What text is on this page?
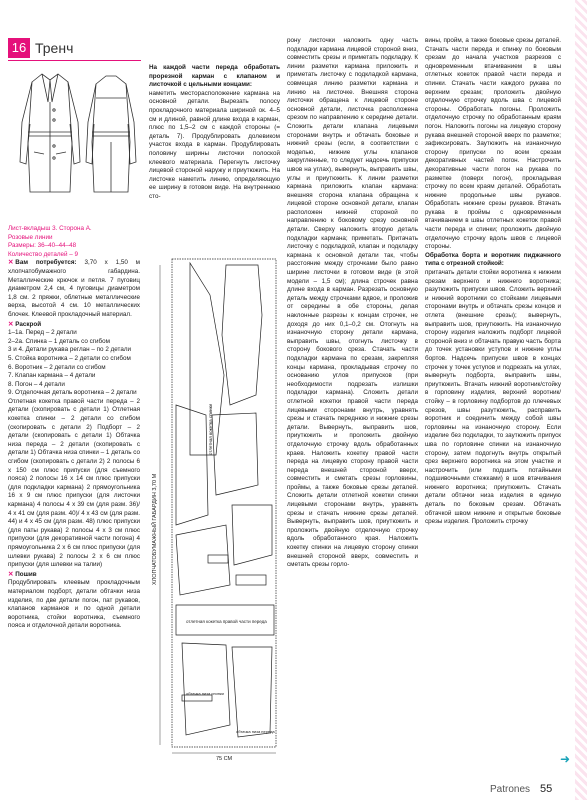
16 Тренч

Лист-вкладыш 3. Сторона А.

Розовые линии

Размеры: 36–40–44–48

Количество деталей – 9

✕ Вам потребуется: 3,70 х 1,50 м хлопчатобумажного габардина. Металлические крючок и петля. 7 пуговиц диаметром 2,4 см, 4 пуговицы диаметром 1,8 см. 2 пряжки, облетные металлические верха, высотой 4 см. 10 металлических блочек. Клеевой прокладочный материал.

✕ Раскрой

1–1а. Перед – 2 детали

2–2а. Спинка – 1 деталь со сгибом

3 и 4. Детали рукава реглан – по 2 детали

5. Стойка воротника – 2 детали со сгибом

6. Воротник – 2 детали со сгибом

7. Клапан кармана – 4 детали

8. Погон – 4 детали

9. Отделочная деталь воротника – 2 детали

Отлетная кокетка правой части переда – 2 детали (скопировать с детали 1) Отлетная кокетка спинки – 2 детали со сгибом (скопировать с детали 2) Подборт – 2 детали (скопировать с детали 1) Обтачка низа переда – 2 детали (скопировать с детали 1) Обтачка низа спинки – 1 деталь со сгибом (скопировать с детали 2) 2 полосы 6 х 150 см плюс припуски (для съемного пояса) 2 полосы 16 х 14 см плюс припуски (для подкладки кармана) 2 прямоугольника 16 х 9 см плюс припуски (для листочки кармана) 4 полосы 4 х 39 см (для разм. 36)/ 4 х 41 см (для разм. 40)/ 4 х 43 см (для разм. 44) и 4 х 45 см (для разм. 48) плюс припуски (для паты рукава) 2 полосы 4 х 3 см плюс припуски (для декоративной части погона) 4 прямоугольника 2 х 6 см плюс припуски (для шлевки рукава) 2 полосы 2 х 6 см плюс припуски (для шлевки на талии)

✕ Пошив

Продублировать клеевым прокладочным материалом подборт, детали обтачки низа изделия, по две детали погон, пат рукавов, клапанов карманов и по одной детали воротника, стойки воротника, съемного пояса и отделочной детали воротника.

На каждой части переда обработать прорезной карман с клапаном и листочкой с цельными концами:

наметить месторасположение кармана на основной детали. Вырезать полосу прокладочного материала шириной ок. 4–5 см и длиной, равной длине входа в карман, плюс по 1,5–2 см с каждой стороны (= деталь 7). Продублировать долевиком участок входа в карман. Продублировать половину ширины листочки полоской клеевого материала. Перегнуть листочку лицевой стороной наружу и приутюжить. На листочке наметить линию, определяющую ее ширину в готовом виде. На внутреннюю сто-

ХЛОПЧАТОБУМАЖНЫЙ ГАБАРДИН 3,70 М
75 СМ
отлетная кокетка спинки
отлетная кокетка правой части переда
обтачка низа спинки
обтачка низа переда

рону листочки наложить одну часть подкладки кармана лицевой стороной вниз, совместить срезы и приметать подкладку. К линии разметки кармана приложить и приметать листочку с подкладкой кармана, совмещая линию разметки кармана и линию на листочке. Внешняя сторона листочки обращена к лицевой стороне основной детали, листочка расположена срезом по направлению к середине детали. Сложить детали клапана лицевыми сторонами внутрь и обтачать боковые и нижний срезы (если, в соответствии с моделью, нижние углы клапанов закругленные, то следует надсечь припуски швов на углах), вывернуть, выправить швы, углы и приутюжить. К линии разметки кармана приложить клапан кармана: внешняя сторона клапана обращена к лицевой стороне основной детали, клапан расположен нижней стороной по направлению к боковому срезу основной детали. Сверху наложить вторую деталь подкладки кармана; приметать. Притачать листочку с подкладкой, клапан и подкладку кармана к основной детали так, чтобы расстояние между строчками было равно ширине листочки в готовом виде (в этой модели – 1,5 см); длина строчек равна длине входа в карман. Разрезать основную деталь между строчками вдвое, и проложив от середины в обе стороны, делая наклонные разрезы к концам строчек, не доходя до них 0,1–0,2 см. Отогнуть на изнаночную сторону детали кармана, выправить швы, отогнуть листочку в сторону бокового среза. Стачать части подкладки кармана по срезам, закрепляя концы кармана, прокладывая строчку по основанию углов припусков (при необходимости подрезать излишки подкладки кармана). Сложить детали отлетной кокетки правой части переда лицевыми сторонами внутрь, уравнять срезы и стачать переднюю и нижние срезы детали. Вывернуть, выправить шов, приутюжить и проложить двойную отделочную строчку вдоль обработанных краев. Наложить кокетку правой части переда на лицевую сторону правой части переда внешней стороной вверх, совместить и сметать срезы горловины, проймы, а также боковые срезы деталей. Сложить детали отлетной кокетки спинки лицевыми сторонами внутрь, уравнять срезы и стачать нижние срезы деталей. Вывернуть, выправить шов, приутюжить и проложить двойную отделочную строчку вдоль обработанного края. Наложить кокетку спинки на лицевую сторону спинки внешней стороной вверх, совместить и сметать срезы горло-

вины, пройм, а также боковые срезы деталей. Стачать части переда и спинку по боковым срезам до начала участков разрезов с одновременным втачиванием в швы отлетных кокеток правой части переда и спинки. Стачать части каждого рукава по верхним срезам; проложить двойную отделочную строчку вдоль шва с лицевой стороны. Обработать погоны. Проложить отделочную строчку по обработанным краям погон. Наложить погоны на лицевую сторону рукава внешней стороной вверх по разметке; зафиксировать. Заутюжить на изнаночную сторону припуски по всем срезам декоративных частей погон. Настрочить декоративные части погон на рукава по разметке (поверх погон), прокладывая строчку по всем краям деталей. Обработать нижние продольные швы рукавов. Обработать нижние срезы рукавов. Втачать рукава в проймы с одновременным втачиванием в швы отлетных кокеток правой части переда и спинки; проложить двойную отделочную строчку вдоль швов с лицевой стороны.

Обработка борта и воротник пиджачного типа с отрезной стойкой:

притачать детали стойки воротника к нижним срезам верхнего и нижнего воротника; разутюжить припуски швов. Сложить верхний и нижний воротники со стойками лицевыми сторонами внутрь и обтачать срезы концов и отлета (внешние срезы); вывернуть, выправить шов, приутюжить. На изнаночную сторону изделия наложить подборт лицевой стороной вниз и обтачать правую часть борта до точек установки уступов и нижние углы бортов. Надсечь припуски швов в концах строчек у точек уступов и подрезать на углах, вывернуть подборта, выправить швы, приутюжить. Втачать нижний воротник/стойку в горловину изделия, верхний воротник/стойку – в горловину подбортов до плечевых срезов, швы разутюжить, расправить воротник и соединить между собой швы горловины на изнаночную сторону. Если изделие без подкладки, то заутюжить припуск шва по горловине спинки на изнаночную сторону, затем подогнуть внутрь открытый срез верхнего воротника на этом участке и настрочить (или подшить потайными подшивочными стежками) в шов втачивания нижнего воротника; приутюжить. Стачать детали обтачки низа изделия в единую деталь по боковым срезам. Обтачать обтачкой швом нижние и открытые боковые срезы изделия. Проложить строчку

➜
Patrones 55
